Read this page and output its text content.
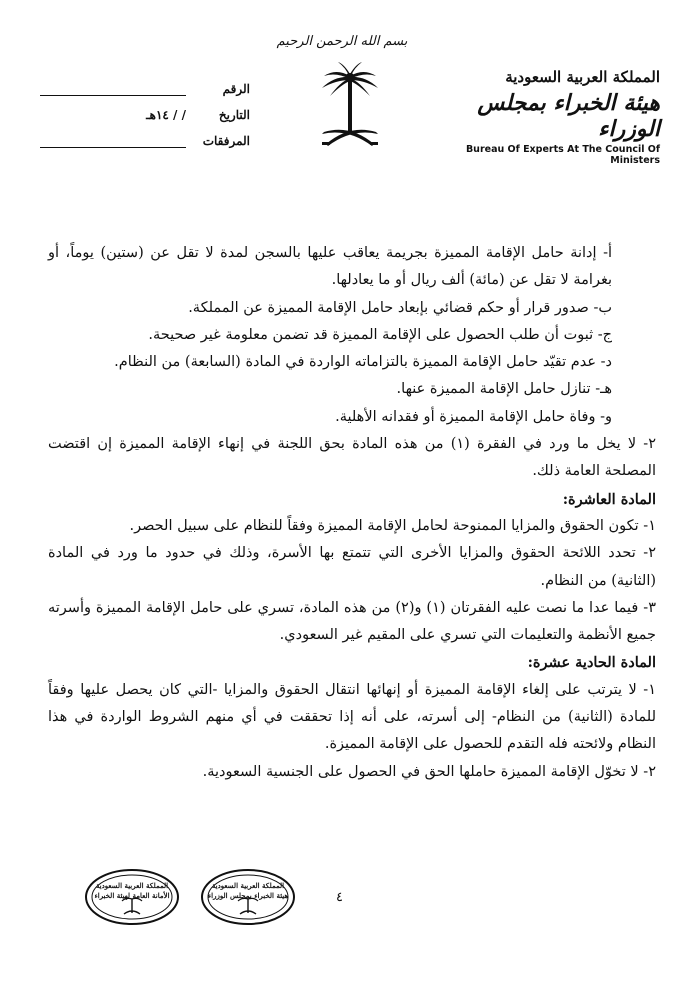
بسم الله الرحمن الرحيم
المملكة العربية السعودية
هيئة الخبراء بمجلس الوزراء
Bureau Of Experts At The Council Of Ministers
الرقم
التاريخ
/ / ١٤هـ
المرفقات

أ- إدانة حامل الإقامة المميزة بجريمة يعاقب عليها بالسجن لمدة لا تقل عن (ستين) يوماً، أو بغرامة لا تقل عن (مائة) ألف ريال أو ما يعادلها.

ب- صدور قرار أو حكم قضائي بإبعاد حامل الإقامة المميزة عن المملكة.

ج- ثبوت أن طلب الحصول على الإقامة المميزة قد تضمن معلومة غير صحيحة.

د- عدم تقيّد حامل الإقامة المميزة بالتزاماته الواردة في المادة (السابعة) من النظام.

هـ- تنازل حامل الإقامة المميزة عنها.

و- وفاة حامل الإقامة المميزة أو فقدانه الأهلية.

٢- لا يخل ما ورد في الفقرة (١) من هذه المادة بحق اللجنة في إنهاء الإقامة المميزة إن اقتضت المصلحة العامة ذلك.

المادة العاشرة:

١- تكون الحقوق والمزايا الممنوحة لحامل الإقامة المميزة وفقاً للنظام على سبيل الحصر.

٢- تحدد اللائحة الحقوق والمزايا الأخرى التي تتمتع بها الأسرة، وذلك في حدود ما ورد في المادة (الثانية) من النظام.

٣- فيما عدا ما نصت عليه الفقرتان (١) و(٢) من هذه المادة، تسري على حامل الإقامة المميزة وأسرته جميع الأنظمة والتعليمات التي تسري على المقيم غير السعودي.

المادة الحادية عشرة:

١- لا يترتب على إلغاء الإقامة المميزة أو إنهائها انتقال الحقوق والمزايا -التي كان يحصل عليها وفقاً للمادة (الثانية) من النظام- إلى أسرته، على أنه إذا تحققت في أي منهم الشروط الواردة في هذا النظام ولائحته فله التقدم للحصول على الإقامة المميزة.

٢- لا تخوّل الإقامة المميزة حاملها الحق في الحصول على الجنسية السعودية.

٤
المملكة العربية السعودية
هيئة الخبراء بمجلس الوزراء
المملكة العربية السعودية
الأمانة العامة لهيئة الخبراء
